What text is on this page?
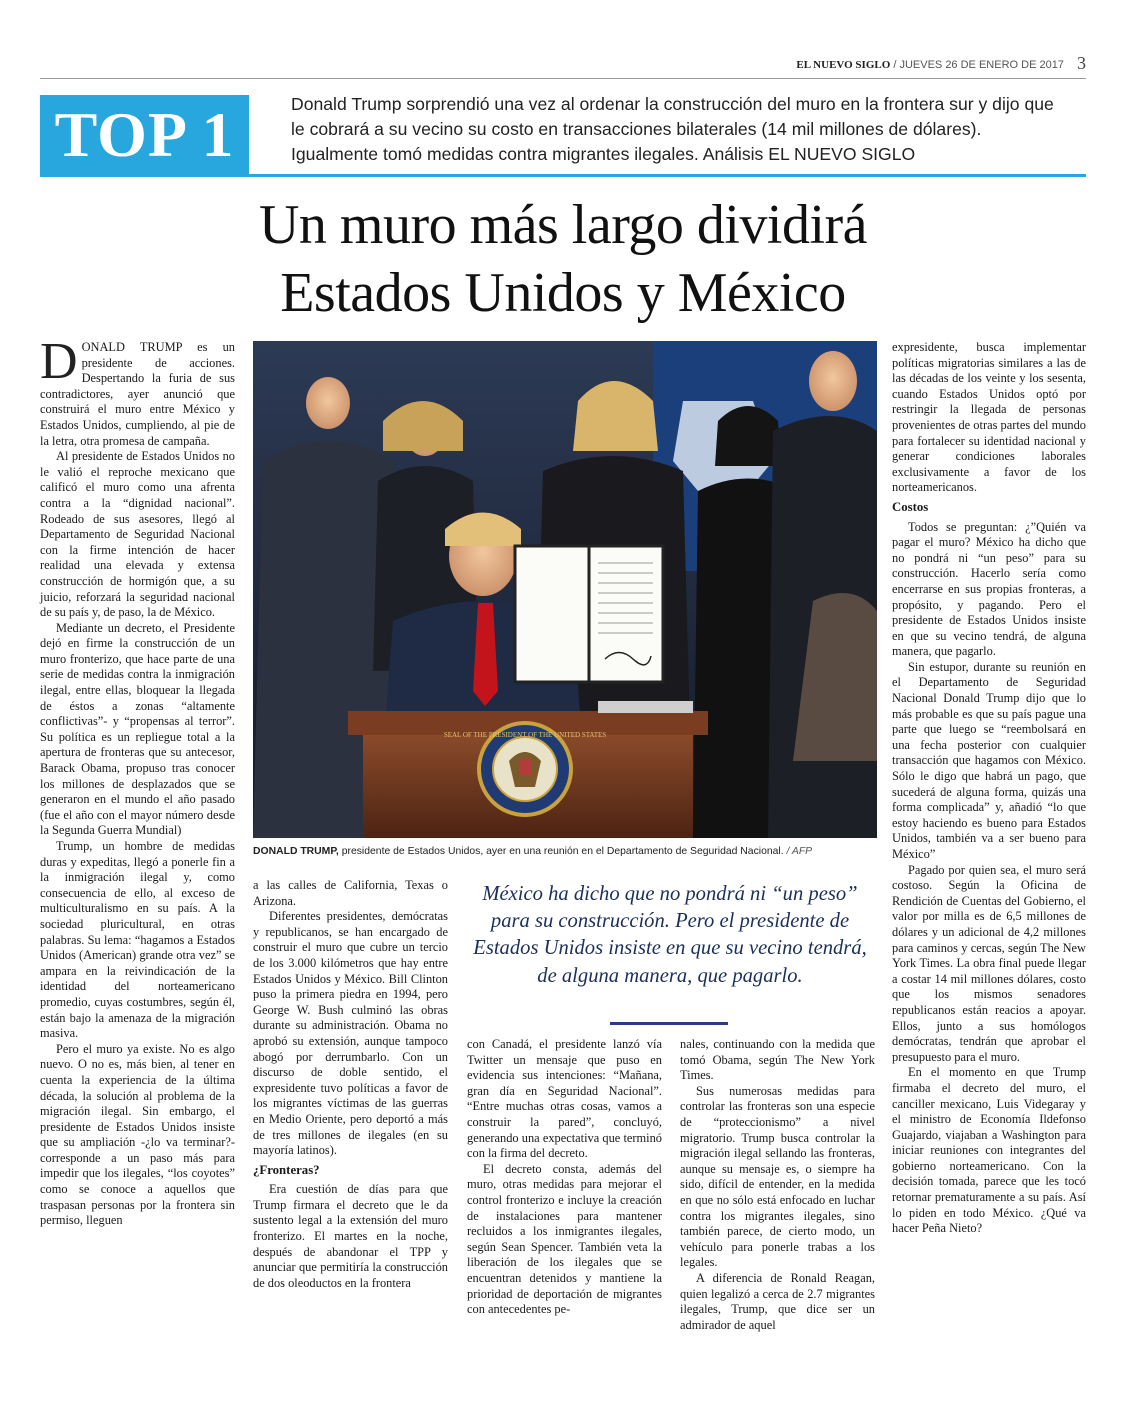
EL NUEVO SIGLO / JUEVES 26 DE ENERO DE 2017 3
TOP 1	Donald Trump sorprendió una vez al ordenar la construcción del muro en la frontera sur y dijo que le cobrará a su vecino su costo en transacciones bilaterales (14 mil millones de dólares). Igualmente tomó medidas contra migrantes ilegales. Análisis EL NUEVO SIGLO
Un muro más largo dividirá
Estados Unidos y México

DONALD TRUMP es un presidente de acciones. Despertando la furia de sus contradictores, ayer anunció que construirá el muro entre México y Estados Unidos, cumpliendo, al pie de la letra, otra promesa de campaña.

Al presidente de Estados Unidos no le valió el reproche mexicano que calificó el muro como una afrenta contra a la “dignidad nacional”. Rodeado de sus asesores, llegó al Departamento de Seguridad Nacional con la firme intención de hacer realidad una elevada y extensa construcción de hormigón que, a su juicio, reforzará la seguridad nacional de su país y, de paso, la de México.

Mediante un decreto, el Presidente dejó en firme la construcción de un muro fronterizo, que hace parte de una serie de medidas contra la inmigración ilegal, entre ellas, bloquear la llegada de éstos a zonas “altamente conflictivas”- y “propensas al terror”. Su política es un repliegue total a la apertura de fronteras que su antecesor, Barack Obama, propuso tras conocer los millones de desplazados que se generaron en el mundo el año pasado (fue el año con el mayor número desde la Segunda Guerra Mundial)

Trump, un hombre de medidas duras y expeditas, llegó a ponerle fin a la inmigración ilegal y, como consecuencia de ello, al exceso de multiculturalismo en su país. A la sociedad pluricultural, en otras palabras. Su lema: “hagamos a Estados Unidos (American) grande otra vez” se ampara en la reivindicación de la identidad del norteamericano promedio, cuyas costumbres, según él, están bajo la amenaza de la migración masiva.

Pero el muro ya existe. No es algo nuevo. O no es, más bien, al tener en cuenta la experiencia de la última década, la solución al problema de la migración ilegal. Sin embargo, el presidente de Estados Unidos insiste que su ampliación -¿lo va terminar?- corresponde a un paso más para impedir que los ilegales, “los coyotes” como se conoce a aquellos que traspasan personas por la frontera sin permiso, lleguen

SEAL OF THE PRESIDENT OF THE UNITED STATES
DONALD TRUMP, presidente de Estados Unidos, ayer en una reunión en el Departamento de Seguridad Nacional. / AFP
México ha dicho que no pondrá ni “un peso” para su construcción. Pero el presidente de Estados Unidos insiste en que su vecino tendrá, de alguna manera, que pagarlo.

a las calles de California, Texas o Arizona.

Diferentes presidentes, demócratas y republicanos, se han encargado de construir el muro que cubre un tercio de los 3.000 kilómetros que hay entre Estados Unidos y México. Bill Clinton puso la primera piedra en 1994, pero George W. Bush culminó las obras durante su administración. Obama no aprobó su extensión, aunque tampoco abogó por derrumbarlo. Con un discurso de doble sentido, el expresidente tuvo políticas a favor de los migrantes víctimas de las guerras en Medio Oriente, pero deportó a más de tres millones de ilegales (en su mayoría latinos).

¿Fronteras?

Era cuestión de días para que Trump firmara el decreto que le da sustento legal a la extensión del muro fronterizo. El martes en la noche, después de abandonar el TPP y anunciar que permitiría la construcción de dos oleoductos en la frontera

con Canadá, el presidente lanzó vía Twitter un mensaje que puso en evidencia sus intenciones: “Mañana, gran día en Seguridad Nacional”. “Entre muchas otras cosas, vamos a construir la pared”, concluyó, generando una expectativa que terminó con la firma del decreto.

El decreto consta, además del muro, otras medidas para mejorar el control fronterizo e incluye la creación de instalaciones para mantener recluidos a los inmigrantes ilegales, según Sean Spencer. También veta la liberación de los ilegales que se encuentran detenidos y mantiene la prioridad de deportación de migrantes con antecedentes pe-

nales, continuando con la medida que tomó Obama, según The New York Times.

Sus numerosas medidas para controlar las fronteras son una especie de “proteccionismo” a nivel migratorio. Trump busca controlar la migración ilegal sellando las fronteras, aunque su mensaje es, o siempre ha sido, difícil de entender, en la medida en que no sólo está enfocado en luchar contra los migrantes ilegales, sino también parece, de cierto modo, un vehículo para ponerle trabas a los legales.

A diferencia de Ronald Reagan, quien legalizó a cerca de 2.7 migrantes ilegales, Trump, que dice ser un admirador de aquel

expresidente, busca implementar políticas migratorias similares a las de las décadas de los veinte y los sesenta, cuando Estados Unidos optó por restringir la llegada de personas provenientes de otras partes del mundo para fortalecer su identidad nacional y generar condiciones laborales exclusivamente a favor de los norteamericanos.

Costos

Todos se preguntan: ¿”Quién va pagar el muro? México ha dicho que no pondrá ni “un peso” para su construcción. Hacerlo sería como encerrarse en sus propias fronteras, a propósito, y pagando. Pero el presidente de Estados Unidos insiste en que su vecino tendrá, de alguna manera, que pagarlo.

Sin estupor, durante su reunión en el Departamento de Seguridad Nacional Donald Trump dijo que lo más probable es que su país pague una parte que luego se “reembolsará en una fecha posterior con cualquier transacción que hagamos con México. Sólo le digo que habrá un pago, que sucederá de alguna forma, quizás una forma complicada” y, añadió “lo que estoy haciendo es bueno para Estados Unidos, también va a ser bueno para México”

Pagado por quien sea, el muro será costoso. Según la Oficina de Rendición de Cuentas del Gobierno, el valor por milla es de 6,5 millones de dólares y un adicional de 4,2 millones para caminos y cercas, según The New York Times. La obra final puede llegar a costar 14 mil millones dólares, costo que los mismos senadores republicanos están reacios a apoyar. Ellos, junto a sus homólogos demócratas, tendrán que aprobar el presupuesto para el muro.

En el momento en que Trump firmaba el decreto del muro, el canciller mexicano, Luis Videgaray y el ministro de Economía Ildefonso Guajardo, viajaban a Washington para iniciar reuniones con integrantes del gobierno norteamericano. Con la decisión tomada, parece que les tocó retornar prematuramente a su país. Así lo piden en todo México. ¿Qué va hacer Peña Nieto?
